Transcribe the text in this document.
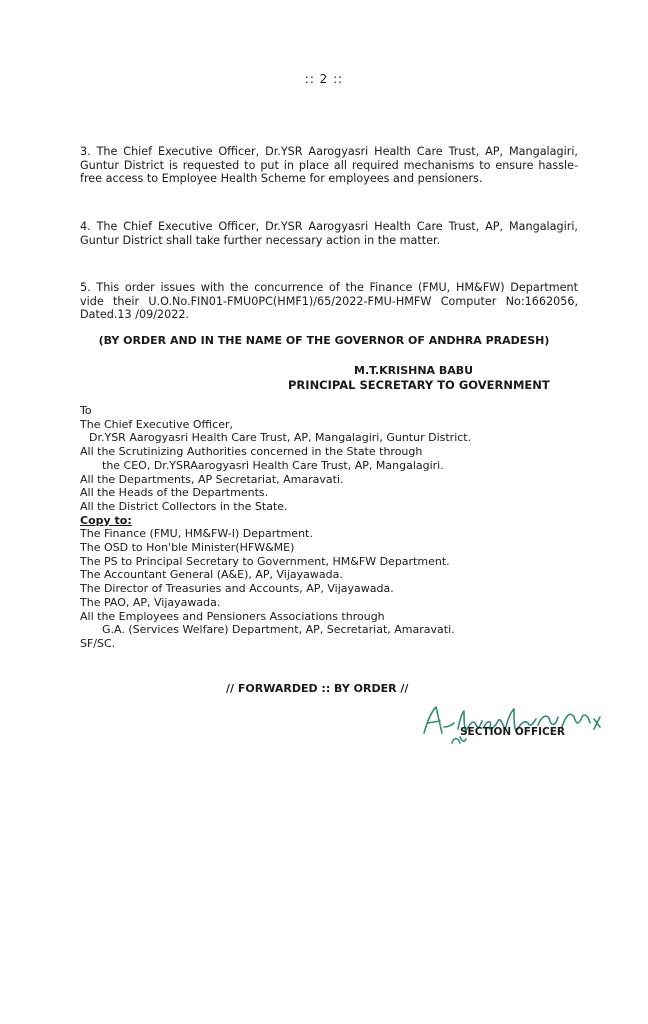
:: 2 ::
3. The Chief Executive Officer, Dr.YSR Aarogyasri Health Care Trust, AP, Mangalagiri, Guntur District is requested to put in place all required mechanisms to ensure hassle-free access to Employee Health Scheme for employees and pensioners.
4. The Chief Executive Officer, Dr.YSR Aarogyasri Health Care Trust, AP, Mangalagiri, Guntur District shall take further necessary action in the matter.
5. This order issues with the concurrence of the Finance (FMU, HM&FW) Department vide their U.O.No.FIN01-FMU0PC(HMF1)/65/2022-FMU-HMFW Computer No:1662056, Dated.13 /09/2022.
(BY ORDER AND IN THE NAME OF THE GOVERNOR OF ANDHRA PRADESH)
M.T.KRISHNA BABU
PRINCIPAL SECRETARY TO GOVERNMENT
To
The Chief Executive Officer,
Dr.YSR Aarogyasri Health Care Trust, AP, Mangalagiri, Guntur District.
All the Scrutinizing Authorities concerned in the State through
the CEO, Dr.YSRAarogyasri Health Care Trust, AP, Mangalagiri.
All the Departments, AP Secretariat, Amaravati.
All the Heads of the Departments.
All the District Collectors in the State.
Copy to:
The Finance (FMU, HM&FW-I) Department.
The OSD to Hon'ble Minister(HFW&ME)
The PS to Principal Secretary to Government, HM&FW Department.
The Accountant General (A&E), AP, Vijayawada.
The Director of Treasuries and Accounts, AP, Vijayawada.
The PAO, AP, Vijayawada.
All the Employees and Pensioners Associations through
G.A. (Services Welfare) Department, AP, Secretariat, Amaravati.
SF/SC.
// FORWARDED :: BY ORDER //
SECTION OFFICER
